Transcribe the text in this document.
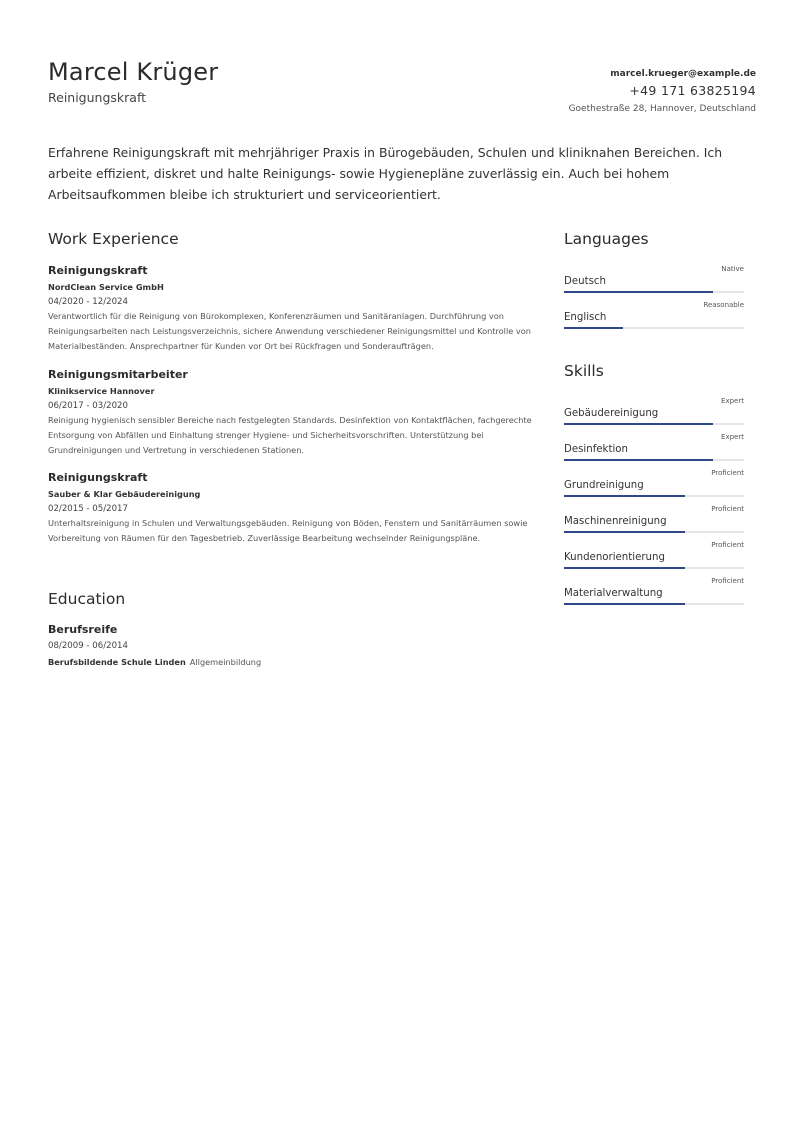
Marcel Krüger
Reinigungskraft
marcel.krueger@example.de
+49 171 63825194
Goethestraße 28, Hannover, Deutschland
Erfahrene Reinigungskraft mit mehrjähriger Praxis in Bürogebäuden, Schulen und kliniknahen Bereichen. Ich arbeite effizient, diskret und halte Reinigungs- sowie Hygienepläne zuverlässig ein. Auch bei hohem Arbeitsaufkommen bleibe ich strukturiert und serviceorientiert.
Work Experience
Reinigungskraft
NordClean Service GmbH
04/2020 - 12/2024
Verantwortlich für die Reinigung von Bürokomplexen, Konferenzräumen und Sanitäranlagen. Durchführung von Reinigungsarbeiten nach Leistungsverzeichnis, sichere Anwendung verschiedener Reinigungsmittel und Kontrolle von Materialbeständen. Ansprechpartner für Kunden vor Ort bei Rückfragen und Sonderaufträgen.
Reinigungsmitarbeiter
Klinikservice Hannover
06/2017 - 03/2020
Reinigung hygienisch sensibler Bereiche nach festgelegten Standards. Desinfektion von Kontaktflächen, fachgerechte Entsorgung von Abfällen und Einhaltung strenger Hygiene- und Sicherheitsvorschriften. Unterstützung bei Grundreinigungen und Vertretung in verschiedenen Stationen.
Reinigungskraft
Sauber & Klar Gebäudereinigung
02/2015 - 05/2017
Unterhaltsreinigung in Schulen und Verwaltungsgebäuden. Reinigung von Böden, Fenstern und Sanitärräumen sowie Vorbereitung von Räumen für den Tagesbetrieb. Zuverlässige Bearbeitung wechselnder Reinigungspläne.
Education
Berufsreife
08/2009 - 06/2014
Berufsbildende Schule Linden Allgemeinbildung
Languages
Deutsch
Native
Englisch
Reasonable
Skills
Gebäudereinigung
Expert
Desinfektion
Expert
Grundreinigung
Proficient
Maschinenreinigung
Proficient
Kundenorientierung
Proficient
Materialverwaltung
Proficient
